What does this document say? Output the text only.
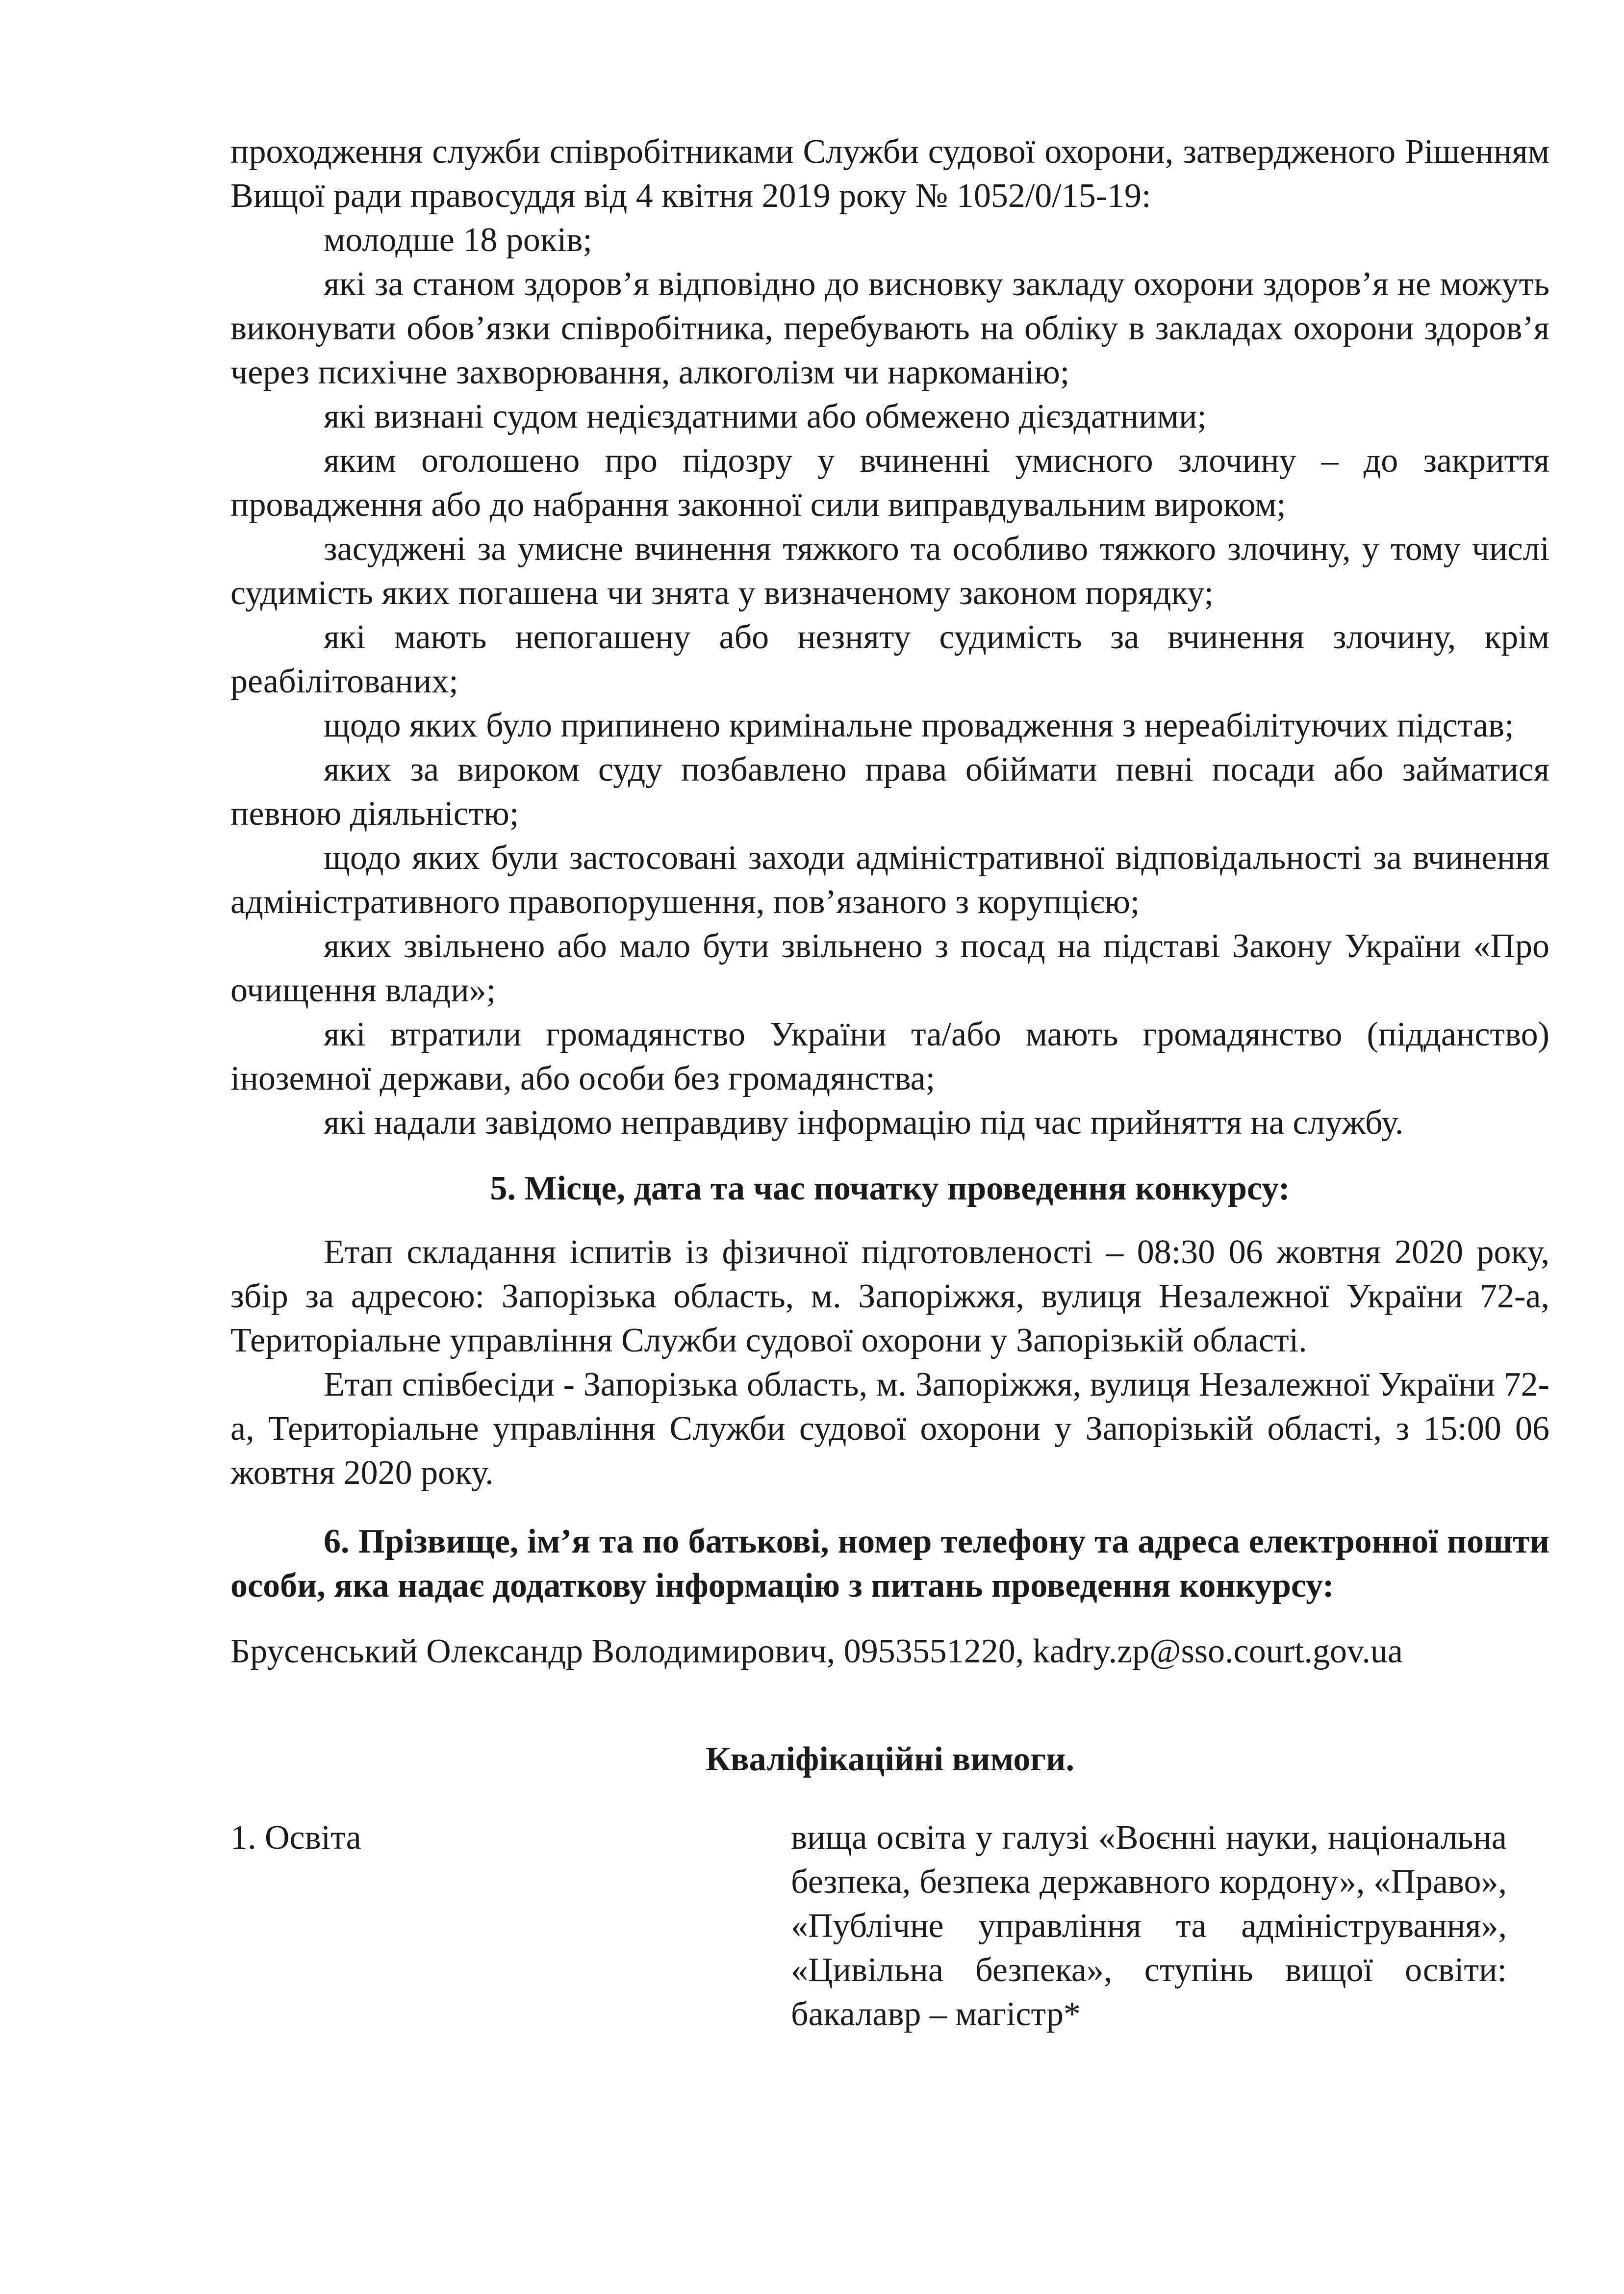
проходження служби співробітниками Служби судової охорони, затвердженого Рішенням Вищої ради правосуддя від 4 квітня 2019 року № 1052/0/15-19:

молодше 18 років;

які за станом здоров’я відповідно до висновку закладу охорони здоров’я не можуть виконувати обов’язки співробітника, перебувають на обліку в закладах охорони здоров’я через психічне захворювання, алкоголізм чи наркоманію;

які визнані судом недієздатними або обмежено дієздатними;

яким оголошено про підозру у вчиненні умисного злочину – до закриття провадження або до набрання законної сили виправдувальним вироком;

засуджені за умисне вчинення тяжкого та особливо тяжкого злочину, у тому числі судимість яких погашена чи знята у визначеному законом порядку;

які мають непогашену або незняту судимість за вчинення злочину, крім реабілітованих;

щодо яких було припинено кримінальне провадження з нереабілітуючих підстав;

яких за вироком суду позбавлено права обіймати певні посади або займатися певною діяльністю;

щодо яких були застосовані заходи адміністративної відповідальності за вчинення адміністративного правопорушення, пов’язаного з корупцією;

яких звільнено або мало бути звільнено з посад на підставі Закону України «Про очищення влади»;

які втратили громадянство України та/або мають громадянство (підданство) іноземної держави, або особи без громадянства;

які надали завідомо неправдиву інформацію під час прийняття на службу.

5. Місце, дата та час початку проведення конкурсу:

Етап складання іспитів із фізичної підготовленості – 08:30 06 жовтня 2020 року, збір за адресою: Запорізька область, м. Запоріжжя, вулиця Незалежної України 72-а, Територіальне управління Служби судової охорони у Запорізькій області.

Етап співбесіди - Запорізька область, м. Запоріжжя, вулиця Незалежної України 72-а, Територіальне управління Служби судової охорони у Запорізькій області, з 15:00 06 жовтня 2020 року.

6. Прізвище, ім’я та по батькові, номер телефону та адреса електронної пошти особи, яка надає додаткову інформацію з питань проведення конкурсу:

Брусенський Олександр Володимирович, 0953551220, kadry.zp@sso.court.gov.ua

Кваліфікаційні вимоги.

1. Освіта	вища освіта у галузі «Воєнні науки, національна безпека, безпека державного кордону», «Право», «Публічне управління та адміністрування», «Цивільна безпека», ступінь вищої освіти: бакалавр – магістр*
